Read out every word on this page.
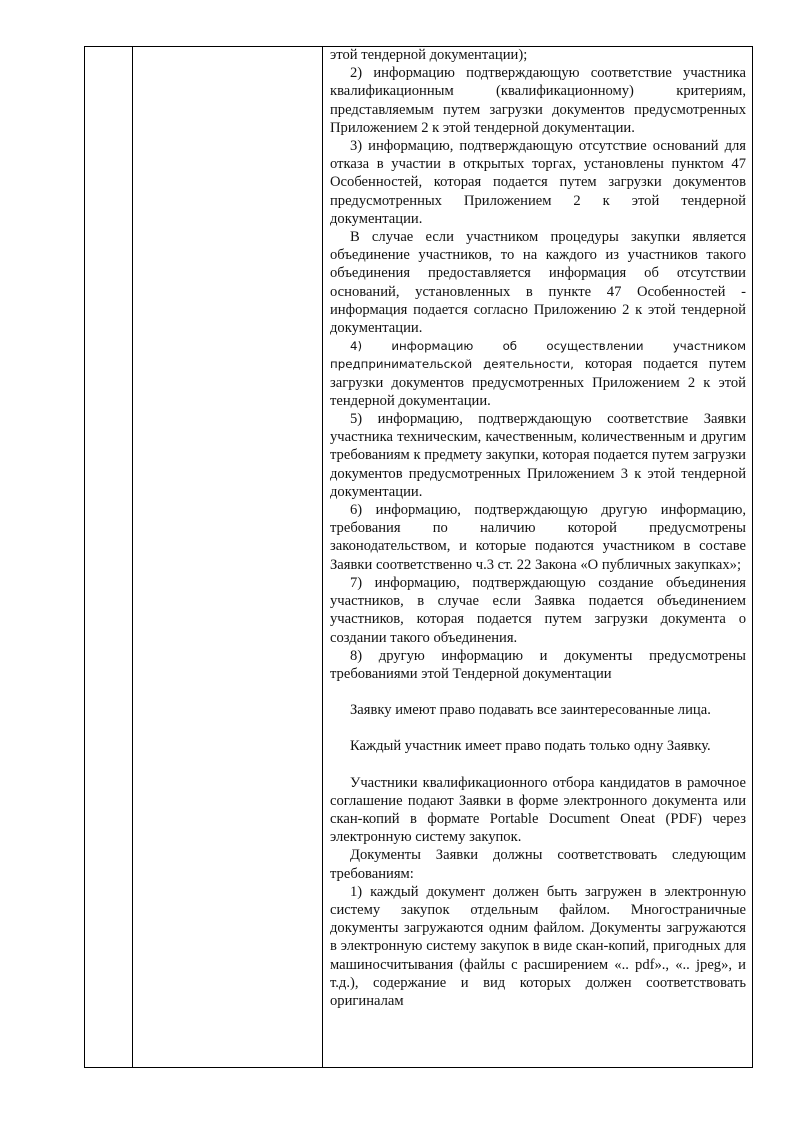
этой тендерной документации);

2) информацию подтверждающую соответствие участника квалификационным (квалификационному) критериям, представляемым путем загрузки документов предусмотренных Приложением 2 к этой тендерной документации.

3) информацию, подтверждающую отсутствие оснований для отказа в участии в открытых торгах, установлены пунктом 47 Особенностей, которая подается путем загрузки документов предусмотренных Приложением 2 к этой тендерной документации.

В случае если участником процедуры закупки является объединение участников, то на каждого из участников такого объединения предоставляется информация об отсутствии оснований, установленных в пункте 47 Особенностей - информация подается согласно Приложению 2 к этой тендерной документации.

4) информацию об осуществлении участником предпринимательской деятельности, которая подается путем загрузки документов предусмотренных Приложением 2 к этой тендерной документации.

5) информацию, подтверждающую соответствие Заявки участника техническим, качественным, количественным и другим требованиям к предмету закупки, которая подается путем загрузки документов предусмотренных Приложением 3 к этой тендерной документации.

6) информацию, подтверждающую другую информацию, требования по наличию которой предусмотрены законодательством, и которые подаются участником в составе Заявки соответственно ч.3 ст. 22 Закона «О публичных закупках»;

7) информацию, подтверждающую создание объединения участников, в случае если Заявка подается объединением участников, которая подается путем загрузки документа о создании такого объединения.

8) другую информацию и документы предусмотрены требованиями этой Тендерной документации

Заявку имеют право подавать все заинтересованные лица.

Каждый участник имеет право подать только одну Заявку.

Участники квалификационного отбора кандидатов в рамочное соглашение подают Заявки в форме электронного документа или скан-копий в формате Portable Document Oneat (PDF) через электронную систему закупок.

Документы Заявки должны соответствовать следующим требованиям:

1) каждый документ должен быть загружен в электронную систему закупок отдельным файлом. Многостраничные документы загружаются одним файлом. Документы загружаются в электронную систему закупок в виде скан-копий, пригодных для машиносчитывания (файлы с расширением «.. pdf»., «.. jpeg», и т.д.), содержание и вид которых должен соответствовать оригиналам
